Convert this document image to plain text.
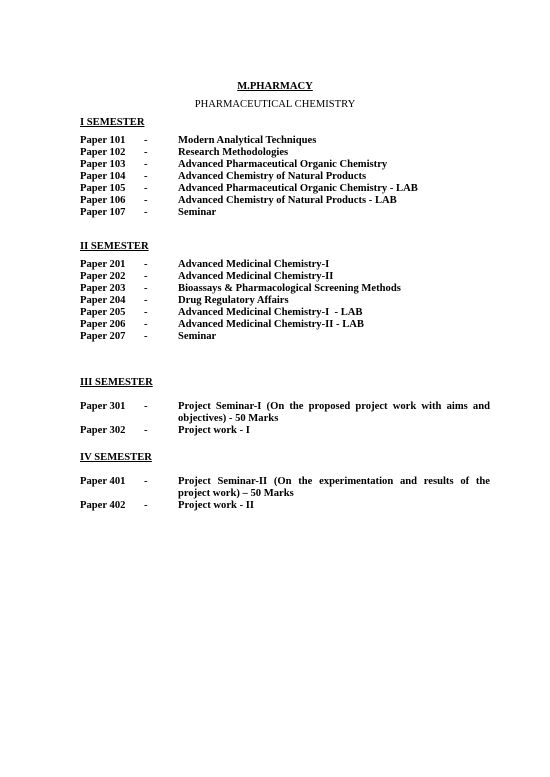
M.PHARMACY
PHARMACEUTICAL CHEMISTRY
I SEMESTER
Paper 101	-	Modern Analytical Techniques
Paper 102	-	Research Methodologies
Paper 103	-	Advanced Pharmaceutical Organic Chemistry
Paper 104	-	Advanced Chemistry of Natural Products
Paper 105	-	Advanced Pharmaceutical Organic Chemistry - LAB
Paper 106	-	Advanced Chemistry of Natural Products - LAB
Paper 107	-	Seminar
II SEMESTER
Paper 201	-	Advanced Medicinal Chemistry-I
Paper 202	-	Advanced Medicinal Chemistry-II
Paper 203	-	Bioassays & Pharmacological Screening Methods
Paper 204	-	Drug Regulatory Affairs
Paper 205	-	Advanced Medicinal Chemistry-I  - LAB
Paper 206	-	Advanced Medicinal Chemistry-II - LAB
Paper 207	-	Seminar
III SEMESTER
Paper 301	-	Project Seminar-I (On the proposed project work with aims and objectives) - 50 Marks
Paper 302	-	Project work - I
IV SEMESTER
Paper 401	-	Project Seminar-II (On the experimentation and results of the project work) – 50 Marks
Paper 402	-	Project work - II
